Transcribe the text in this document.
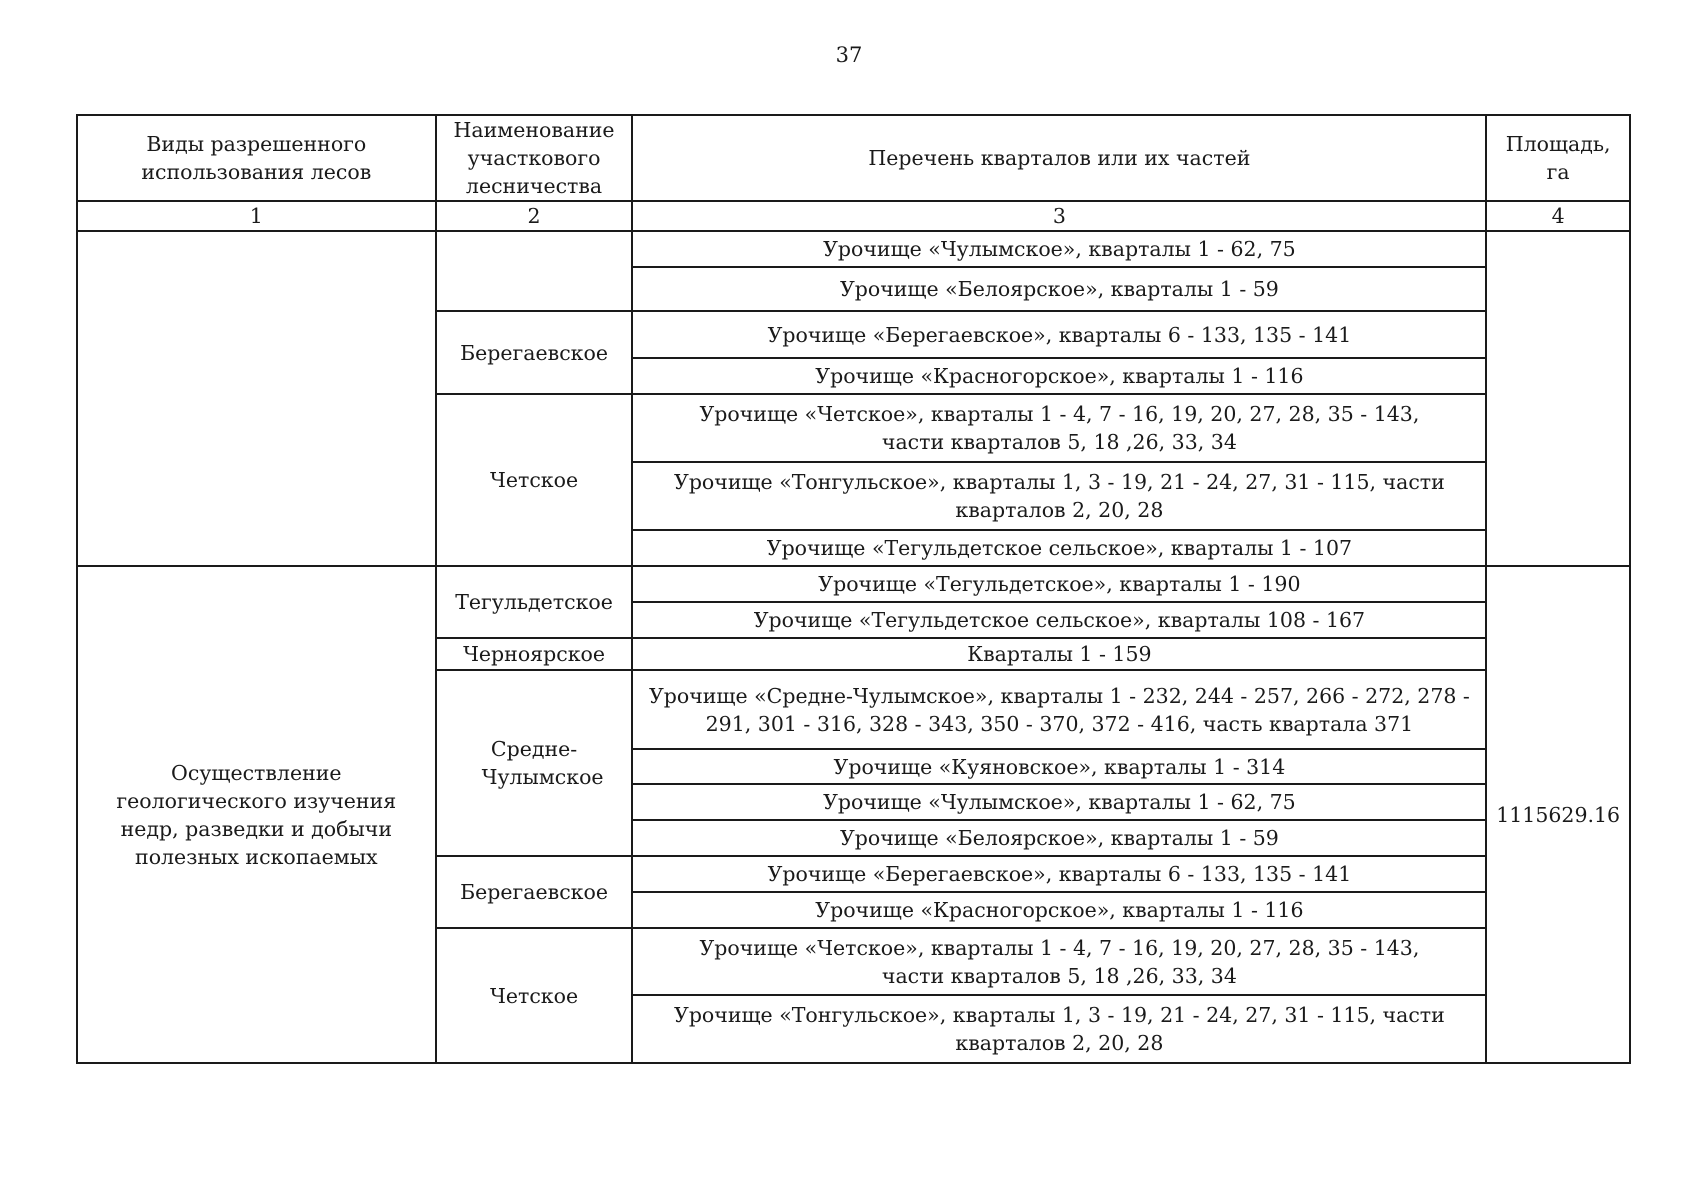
37
Виды разрешенного использования лесов	Наименование участкового лесничества	Перечень кварталов или их частей	Площадь, га
1	2	3	4
		Урочище «Чулымское», кварталы 1 - 62, 75	
		Урочище «Белоярское», кварталы 1 - 59	
	Берегаевское	Урочище «Берегаевское», кварталы 6 - 133, 135 - 141	
		Урочище «Красногорское», кварталы 1 - 116	
	Четское	Урочище «Четское», кварталы 1 - 4, 7 - 16, 19, 20, 27, 28, 35 - 143, части кварталов 5, 18 ,26, 33, 34	
		Урочище «Тонгульское», кварталы 1, 3 - 19, 21 - 24, 27, 31 - 115, части кварталов 2, 20, 28	
		Урочище «Тегульдетское сельское», кварталы 1 - 107	
Осуществление геологического изучения недр, разведки и добычи полезных ископаемых	Тегульдетское	Урочище «Тегульдетское», кварталы 1 - 190	1115629.16
		Урочище «Тегульдетское сельское», кварталы 108 - 167	
	Черноярское	Кварталы 1 - 159	
	Средне-Чулымское	Урочище «Средне-Чулымское», кварталы 1 - 232, 244 - 257, 266 - 272, 278 - 291, 301 - 316, 328 - 343, 350 - 370, 372 - 416, часть квартала 371	
		Урочище «Куяновское», кварталы 1 - 314	
		Урочище «Чулымское», кварталы 1 - 62, 75	
		Урочище «Белоярское», кварталы 1 - 59	
	Берегаевское	Урочище «Берегаевское», кварталы 6 - 133, 135 - 141	
		Урочище «Красногорское», кварталы 1 - 116	
	Четское	Урочище «Четское», кварталы 1 - 4, 7 - 16, 19, 20, 27, 28, 35 - 143, части кварталов 5, 18 ,26, 33, 34	
		Урочище «Тонгульское», кварталы 1, 3 - 19, 21 - 24, 27, 31 - 115, части кварталов 2, 20, 28	
